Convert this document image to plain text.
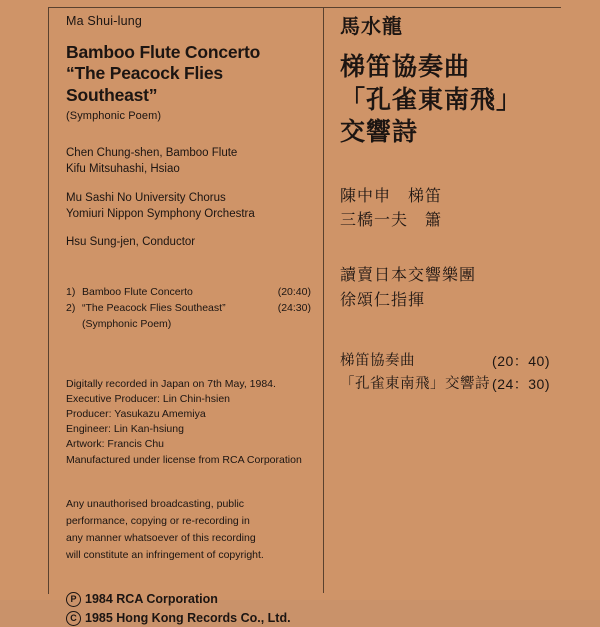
Ma Shui-lung

Bamboo Flute Concerto
“The Peacock Flies Southeast”

(Symphonic Poem)

Chen Chung-shen, Bamboo Flute
Kifu Mitsuhashi, Hsiao
Mu Sashi No University Chorus
Yomiuri Nippon Symphony Orchestra
Hsu Sung-jen, Conductor
1) Bamboo Flute Concerto	(20:40)
2) “The Peacock Flies Southeast”	(24:30)
(Symphonic Poem)
Digitally recorded in Japan on 7th May, 1984.
Executive Producer: Lin Chin-hsien
Producer: Yasukazu Amemiya
Engineer: Lin Kan-hsiung
Artwork: Francis Chu
Manufactured under license from RCA Corporation
Any unauthorised broadcasting, public
performance, copying or re-recording in
any manner whatsoever of this recording
will constitute an infringement of copyright.
P 1984 RCA Corporation
C 1985 Hong Kong Records Co., Ltd.

馬水龍

梯笛協奏曲
「孔雀東南飛」
交響詩
陳中申　梯笛
三橋一夫　簫
讀賣日本交響樂團
徐頌仁指揮
梯笛協奏曲	(20：40)
「孔雀東南飛」交響詩 (24：30)
